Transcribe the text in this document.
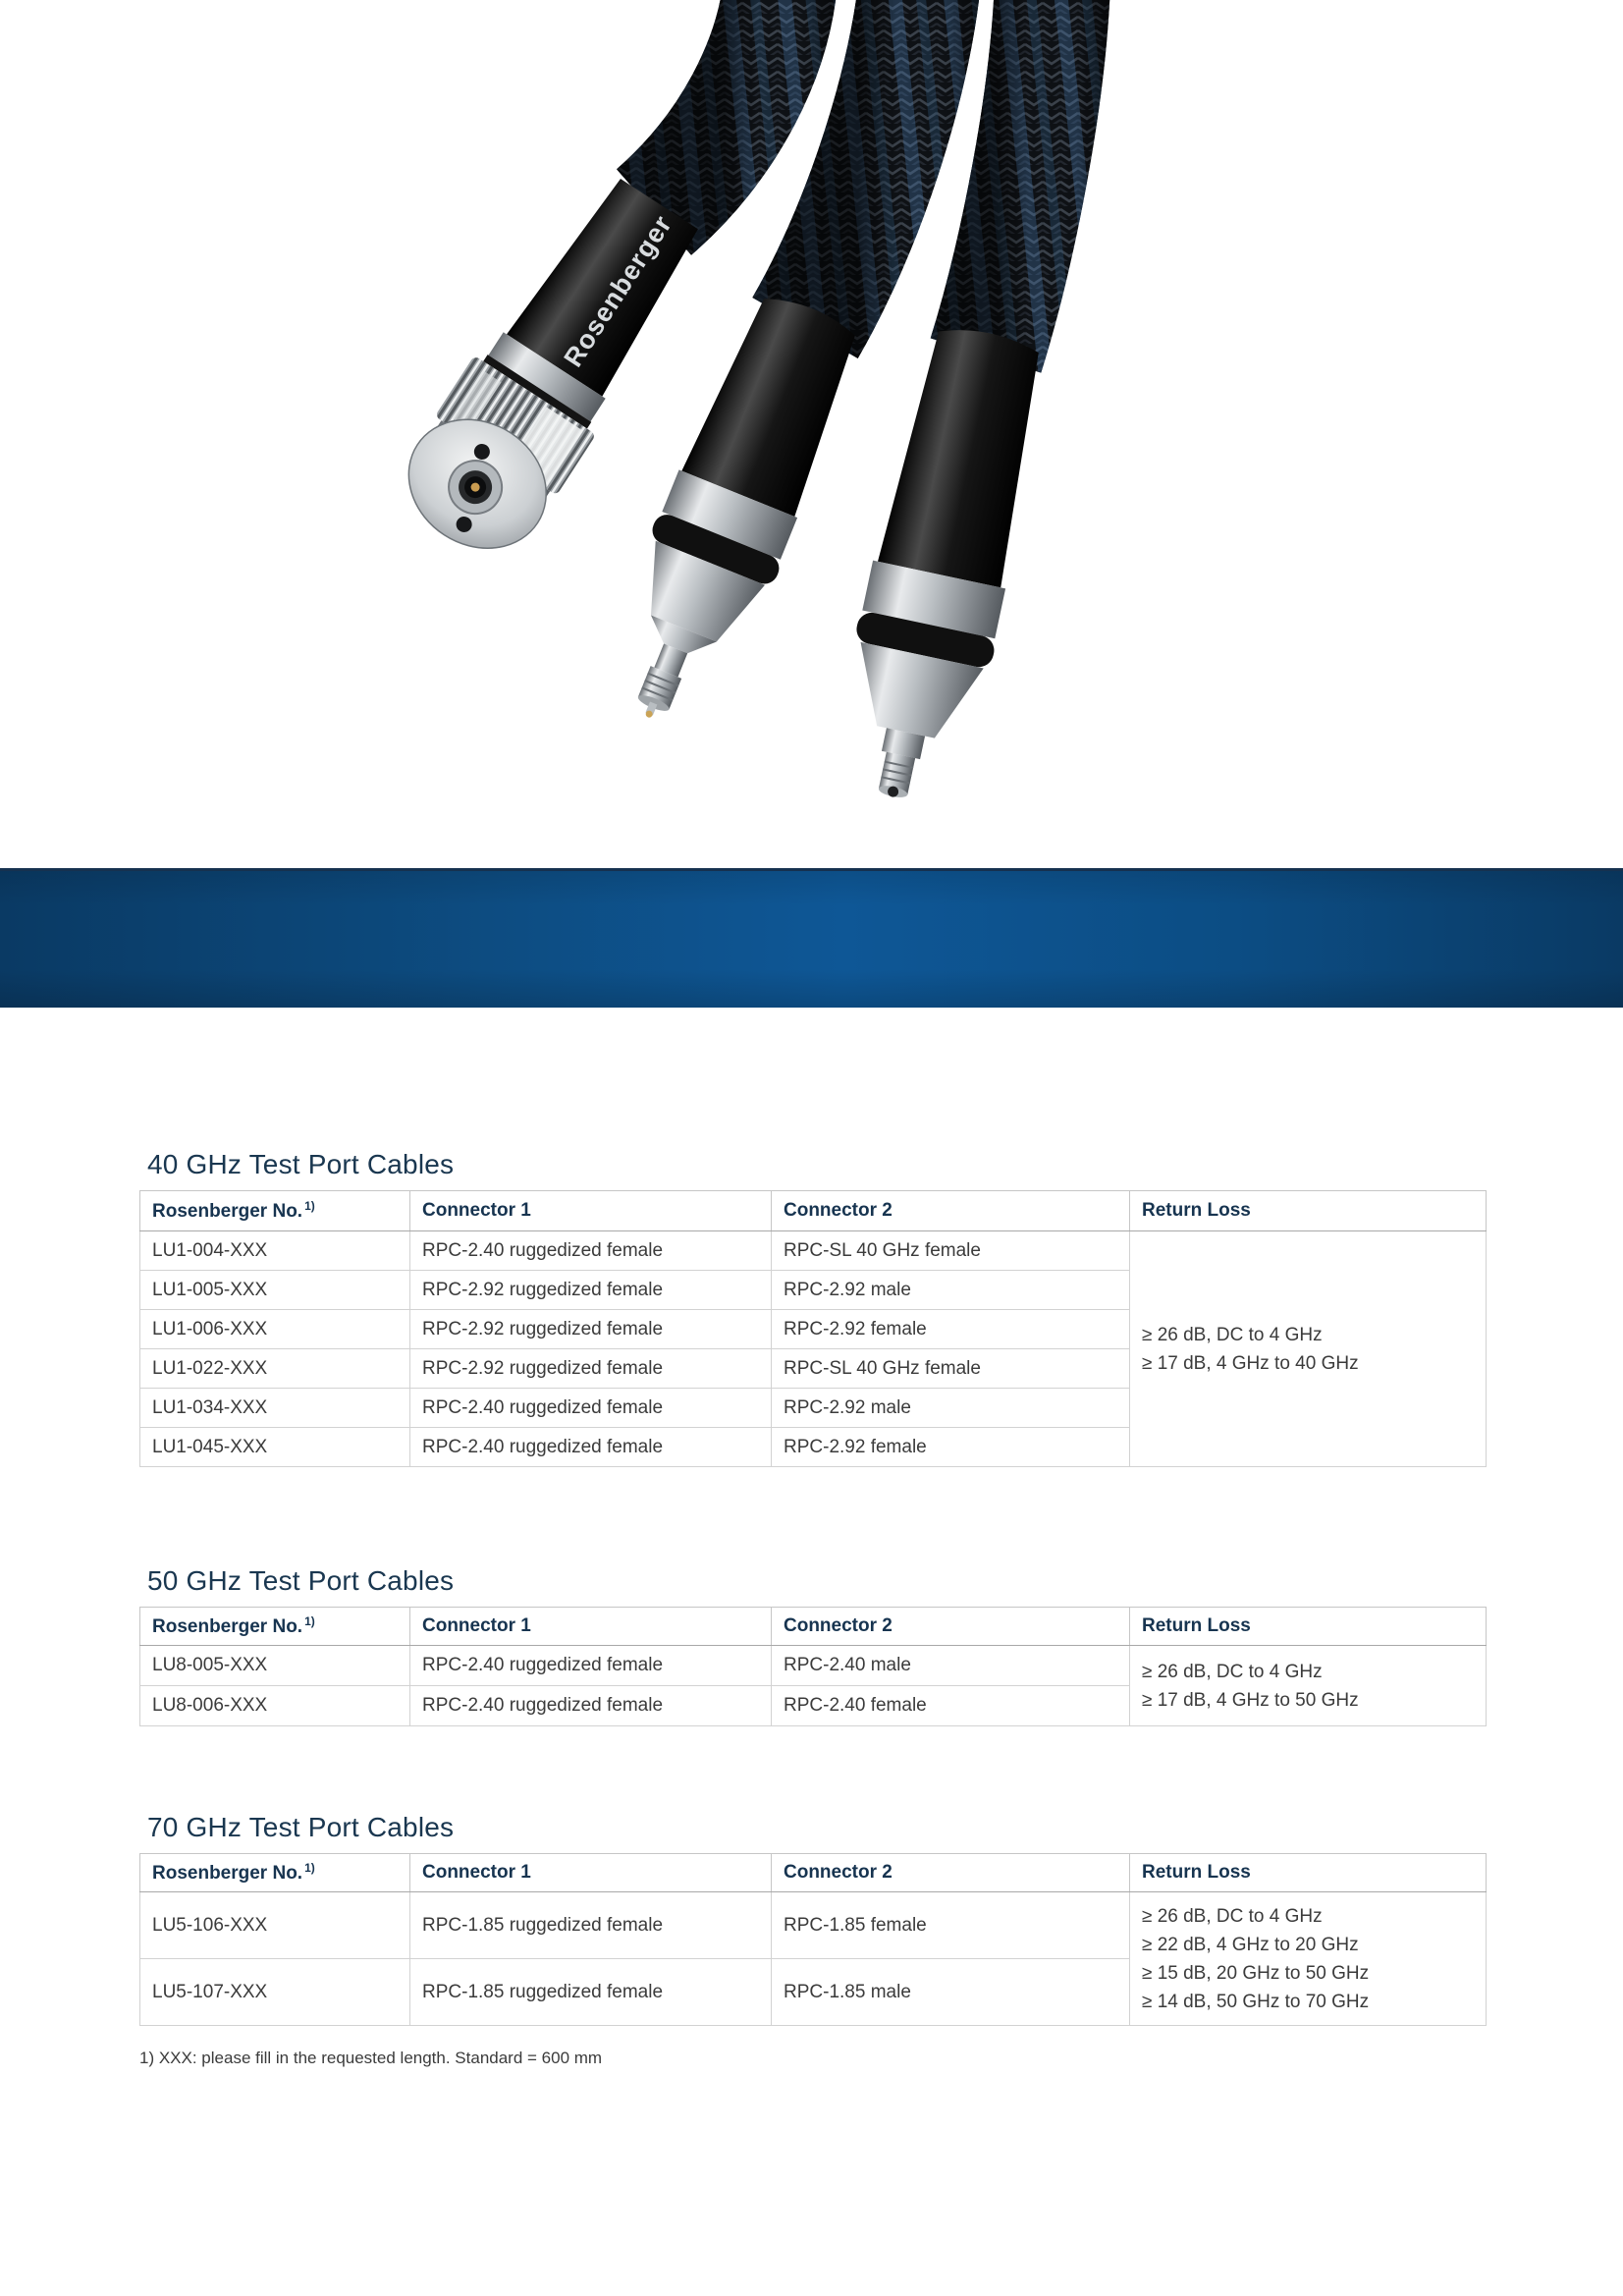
Rosenberger
40 GHz Test Port Cables
Rosenberger No. $^{1)}$	Connector 1	Connector 2	Return Loss
LU1-004-XXX	RPC-2.40 ruggedized female	RPC-SL 40 GHz female	≥ 26 dB, DC to 4 GHz
≥ 17 dB, 4 GHz to 40 GHz

LU1-005-XXX	RPC-2.92 ruggedized female	RPC-2.92 male	
LU1-006-XXX	RPC-2.92 ruggedized female	RPC-2.92 female	
LU1-022-XXX	RPC-2.92 ruggedized female	RPC-SL 40 GHz female	
LU1-034-XXX	RPC-2.40 ruggedized female	RPC-2.92 male	
LU1-045-XXX	RPC-2.40 ruggedized female	RPC-2.92 female	
50 GHz Test Port Cables
Rosenberger No. $^{1)}$	Connector 1	Connector 2	Return Loss
LU8-005-XXX	RPC-2.40 ruggedized female	RPC-2.40 male	≥ 26 dB, DC to 4 GHz
≥ 17 dB, 4 GHz to 50 GHz

LU8-006-XXX	RPC-2.40 ruggedized female	RPC-2.40 female	
70 GHz Test Port Cables
Rosenberger No. $^{1)}$	Connector 1	Connector 2	Return Loss
LU5-106-XXX	RPC-1.85 ruggedized female	RPC-1.85 female	≥ 26 dB, DC to 4 GHz
≥ 22 dB, 4 GHz to 20 GHz
≥ 15 dB, 20 GHz to 50 GHz
≥ 14 dB, 50 GHz to 70 GHz

LU5-107-XXX	RPC-1.85 ruggedized female	RPC-1.85 male	
1) XXX: please fill in the requested length. Standard = 600 mm
